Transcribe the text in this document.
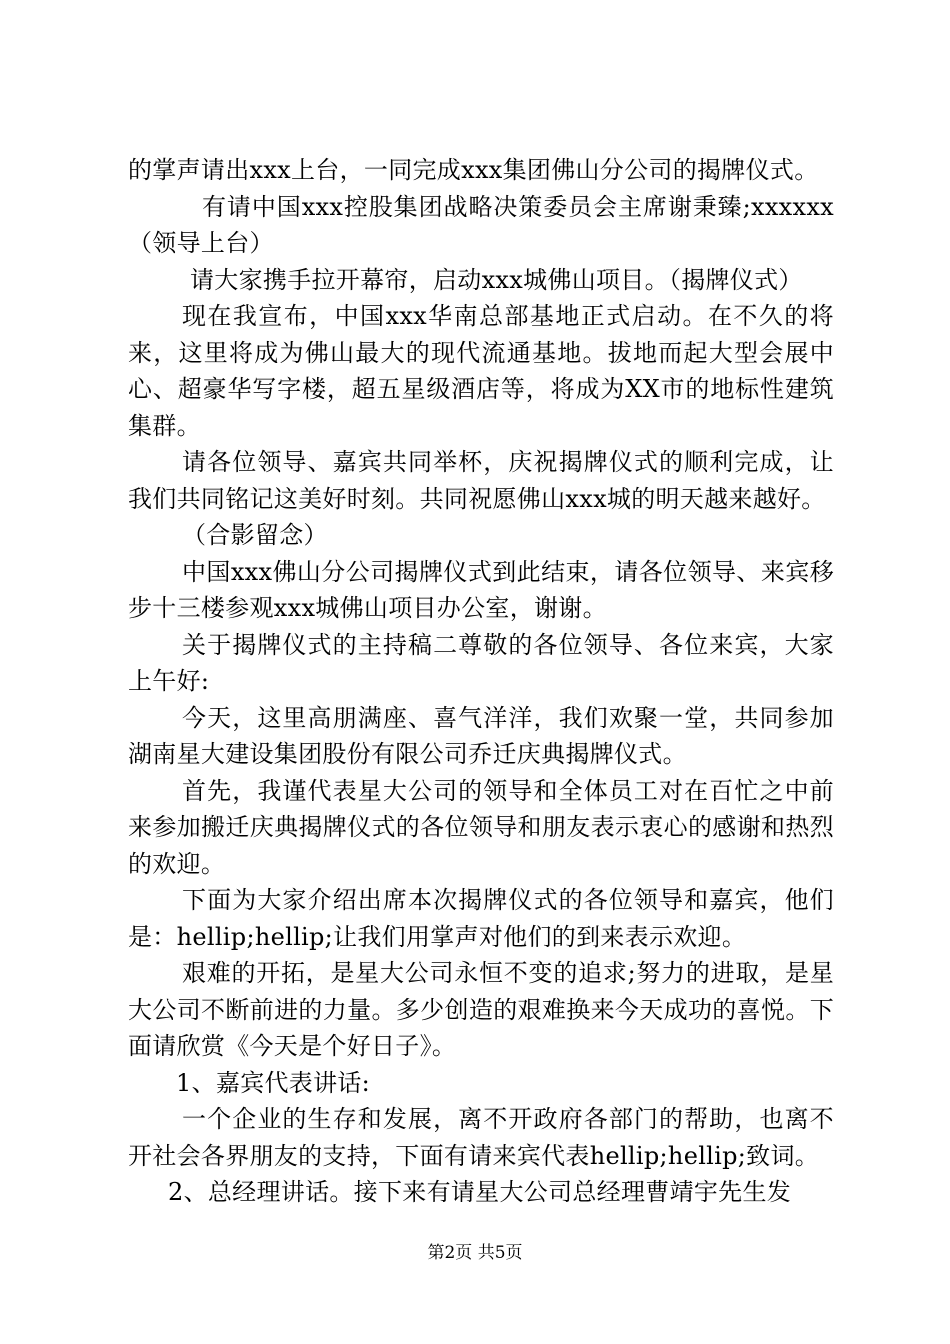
的掌声请出xxx上台，一同完成xxx集团佛山分公司的揭牌仪式。

有请中国xxx控股集团战略决策委员会主席谢秉臻;xxxxxx（领导上台）

请大家携手拉开幕帘，启动xxx城佛山项目。（揭牌仪式）

现在我宣布，中国xxx华南总部基地正式启动。在不久的将来，这里将成为佛山最大的现代流通基地。拔地而起大型会展中心、超豪华写字楼，超五星级酒店等，将成为XX市的地标性建筑集群。

请各位领导、嘉宾共同举杯，庆祝揭牌仪式的顺利完成，让我们共同铭记这美好时刻。共同祝愿佛山xxx城的明天越来越好。

（合影留念）

中国xxx佛山分公司揭牌仪式到此结束，请各位领导、来宾移步十三楼参观xxx城佛山项目办公室，谢谢。

关于揭牌仪式的主持稿二尊敬的各位领导、各位来宾，大家上午好:

今天，这里高朋满座、喜气洋洋，我们欢聚一堂，共同参加湖南星大建设集团股份有限公司乔迁庆典揭牌仪式。

首先，我谨代表星大公司的领导和全体员工对在百忙之中前来参加搬迁庆典揭牌仪式的各位领导和朋友表示衷心的感谢和热烈的欢迎。

下面为大家介绍出席本次揭牌仪式的各位领导和嘉宾，他们是：hellip;hellip;让我们用掌声对他们的到来表示欢迎。

艰难的开拓，是星大公司永恒不变的追求;努力的进取，是星大公司不断前进的力量。多少创造的艰难换来今天成功的喜悦。下面请欣赏《今天是个好日子》。

1、嘉宾代表讲话:

一个企业的生存和发展，离不开政府各部门的帮助，也离不开社会各界朋友的支持，下面有请来宾代表hellip;hellip;致词。

2、总经理讲话。接下来有请星大公司总经理曹靖宇先生发

第2页 共5页
